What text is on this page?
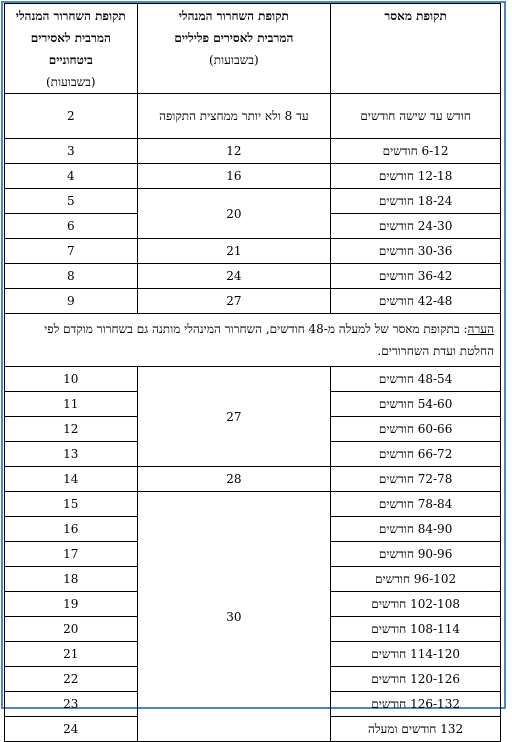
תקופת מאסר	תקופת השחרור המנהלי
המרבית לאסירים פליליים
(בשבועות)	תקופת השחרור המנהלי
המרבית לאסירים ביטחוניים
(בשבועות)

חודש עד שישה חודשים	עד 8 ולא יותר ממחצית התקופה	2
6-12 חודשים	12	3
12-18 חודשים	16	4
18-24 חודשים	20	5
24-30 חודשים		6
30-36 חודשים	21	7
36-42 חודשים	24	8
42-48 חודשים	27	9
הערה: בתקופת מאסר של למעלה מ-48 חודשים, השחרור המינהלי מותנה גם בשחרור מוקדם לפי החלטת ועדת השחרורים.		
48-54 חודשים	27	10
54-60 חודשים		11
60-66 חודשים		12
66-72 חודשים		13
72-78 חודשים	28	14
78-84 חודשים	30	15
84-90 חודשים		16
90-96 חודשים		17
96-102 חודשים		18
102-108 חודשים		19
108-114 חודשים		20
114-120 חודשים		21
120-126 חודשים		22
126-132 חודשים		23
132 חודשים ומעלה		24
